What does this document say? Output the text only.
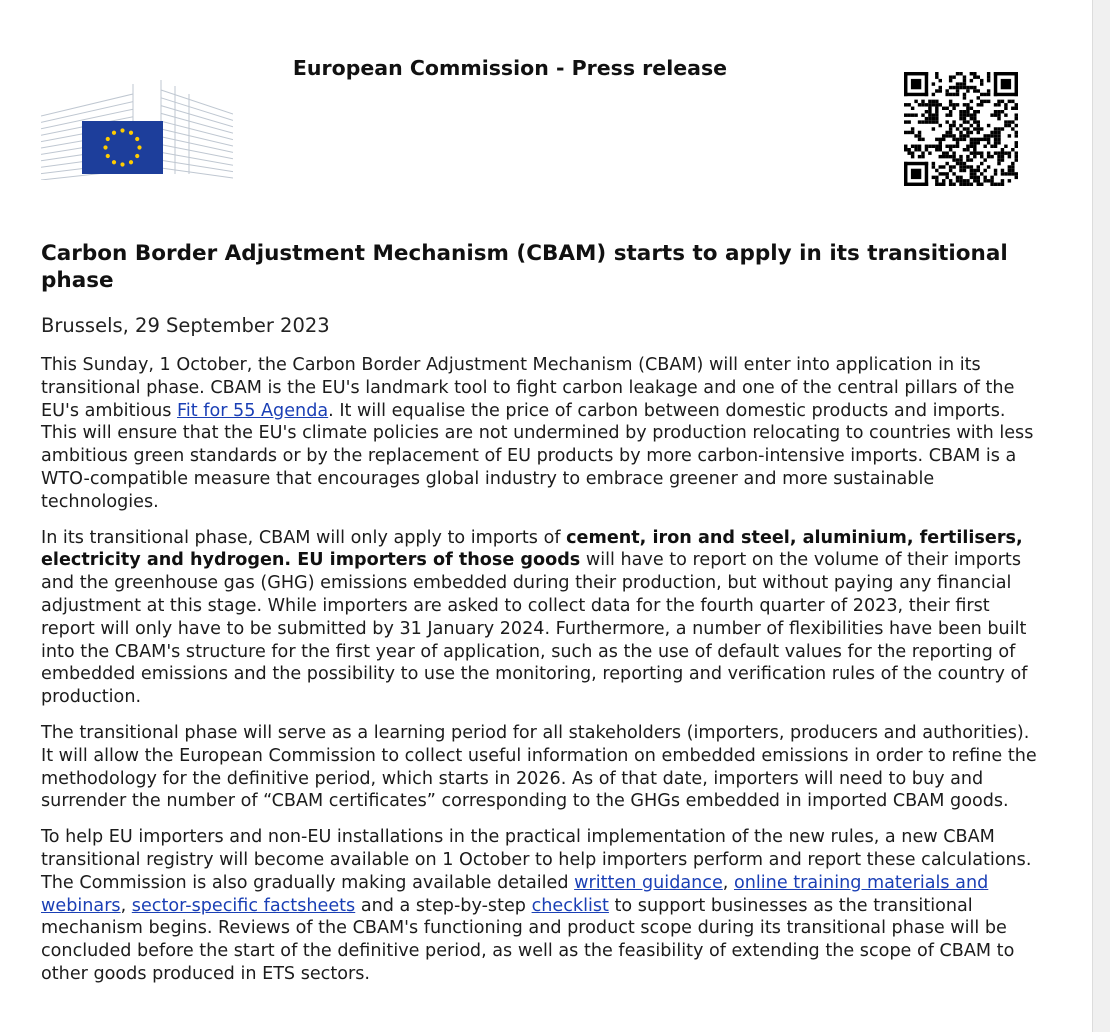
European Commission - Press release
Carbon Border Adjustment Mechanism (CBAM) starts to apply in its transitional phase
Brussels, 29 September 2023

This Sunday, 1 October, the Carbon Border Adjustment Mechanism (CBAM) will enter into application in its transitional phase. CBAM is the EU's landmark tool to fight carbon leakage and one of the central pillars of the EU's ambitious Fit for 55 Agenda. It will equalise the price of carbon between domestic products and imports. This will ensure that the EU's climate policies are not undermined by production relocating to countries with less ambitious green standards or by the replacement of EU products by more carbon-intensive imports. CBAM is a WTO-compatible measure that encourages global industry to embrace greener and more sustainable technologies.

In its transitional phase, CBAM will only apply to imports of cement, iron and steel, aluminium, fertilisers, electricity and hydrogen. EU importers of those goods will have to report on the volume of their imports and the greenhouse gas (GHG) emissions embedded during their production, but without paying any financial adjustment at this stage. While importers are asked to collect data for the fourth quarter of 2023, their first report will only have to be submitted by 31 January 2024. Furthermore, a number of flexibilities have been built into the CBAM's structure for the first year of application, such as the use of default values for the reporting of embedded emissions and the possibility to use the monitoring, reporting and verification rules of the country of production.

The transitional phase will serve as a learning period for all stakeholders (importers, producers and authorities). It will allow the European Commission to collect useful information on embedded emissions in order to refine the methodology for the definitive period, which starts in 2026. As of that date, importers will need to buy and surrender the number of “CBAM certificates” corresponding to the GHGs embedded in imported CBAM goods.

To help EU importers and non-EU installations in the practical implementation of the new rules, a new CBAM transitional registry will become available on 1 October to help importers perform and report these calculations. The Commission is also gradually making available detailed written guidance, online training materials and webinars, sector-specific factsheets and a step-by-step checklist to support businesses as the transitional mechanism begins. Reviews of the CBAM's functioning and product scope during its transitional phase will be concluded before the start of the definitive period, as well as the feasibility of extending the scope of CBAM to other goods produced in ETS sectors.
